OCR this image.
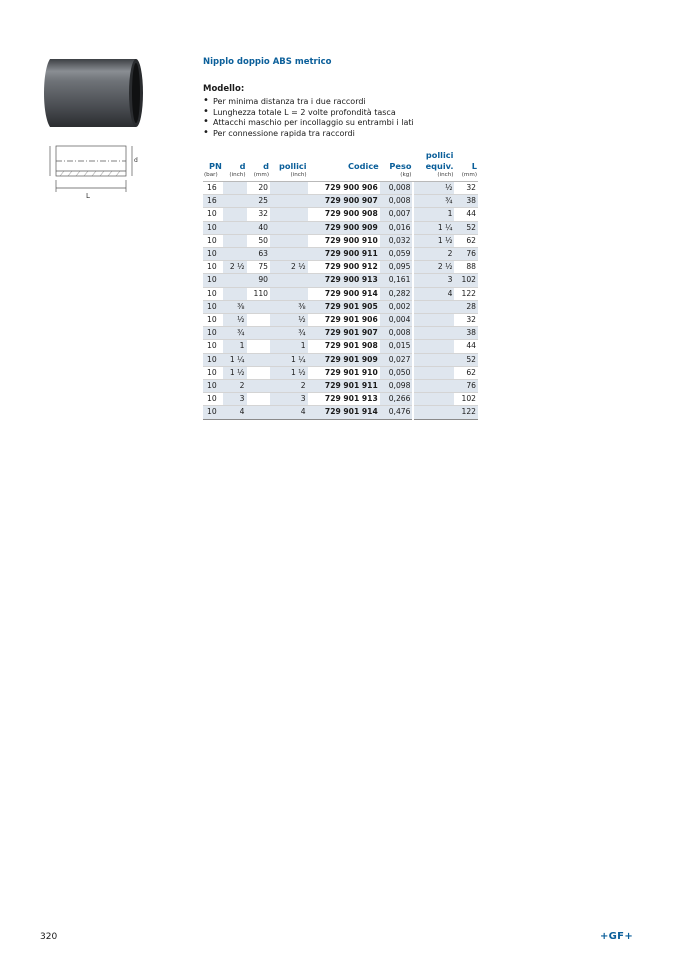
L
d
Nipplo doppio ABS metrico
Modello:
• Per minima distanza tra i due raccordi
• Lunghezza totale L = 2 volte profondità tasca
• Attacchi maschio per incollaggio su entrambi i lati
• Per connessione rapida tra raccordi
PN	d	d	pollici	Codice	Peso		pollici equiv.	L
(bar)	(inch)	(mm)	(inch)		(kg)		(inch)	(mm)
16		20		729 900 906	0,008		½	32
16		25		729 900 907	0,008		¾	38
10		32		729 900 908	0,007		1	44
10		40		729 900 909	0,016		1 ¼	52
10		50		729 900 910	0,032		1 ½	62
10		63		729 900 911	0,059		2	76
10	2 ½	75	2 ½	729 900 912	0,095		2 ½	88
10		90		729 900 913	0,161		3	102
10		110		729 900 914	0,282		4	122
10	⅜		⅜	729 901 905	0,002			28
10	½		½	729 901 906	0,004			32
10	¾		¾	729 901 907	0,008			38
10	1		1	729 901 908	0,015			44
10	1 ¼		1 ¼	729 901 909	0,027			52
10	1 ½		1 ½	729 901 910	0,050			62
10	2		2	729 901 911	0,098			76
10	3		3	729 901 913	0,266			102
10	4		4	729 901 914	0,476			122
320	+GF+
